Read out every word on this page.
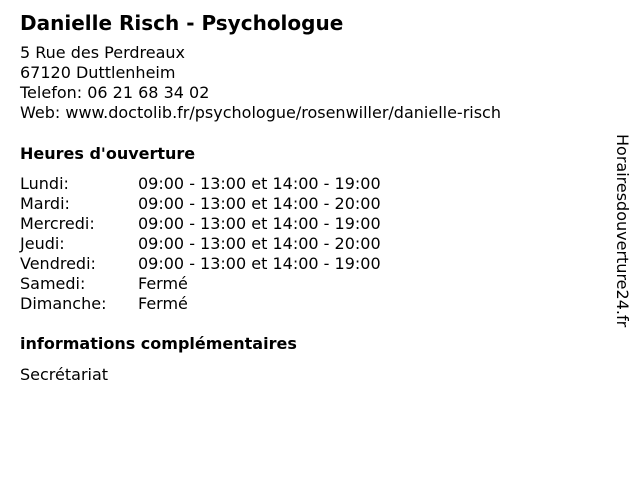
Danielle Risch - Psychologue
5 Rue des Perdreaux
67120 Duttlenheim
Telefon: 06 21 68 34 02
Web: www.doctolib.fr/psychologue/rosenwiller/danielle-risch
Heures d'ouverture
Lundi:	09:00 - 13:00 et 14:00 - 19:00
Mardi:	09:00 - 13:00 et 14:00 - 20:00
Mercredi:	09:00 - 13:00 et 14:00 - 19:00
Jeudi:	09:00 - 13:00 et 14:00 - 20:00
Vendredi:	09:00 - 13:00 et 14:00 - 19:00
Samedi:	Fermé
Dimanche:	Fermé
informations complémentaires
Secrétariat
Horairesdouverture24.fr
